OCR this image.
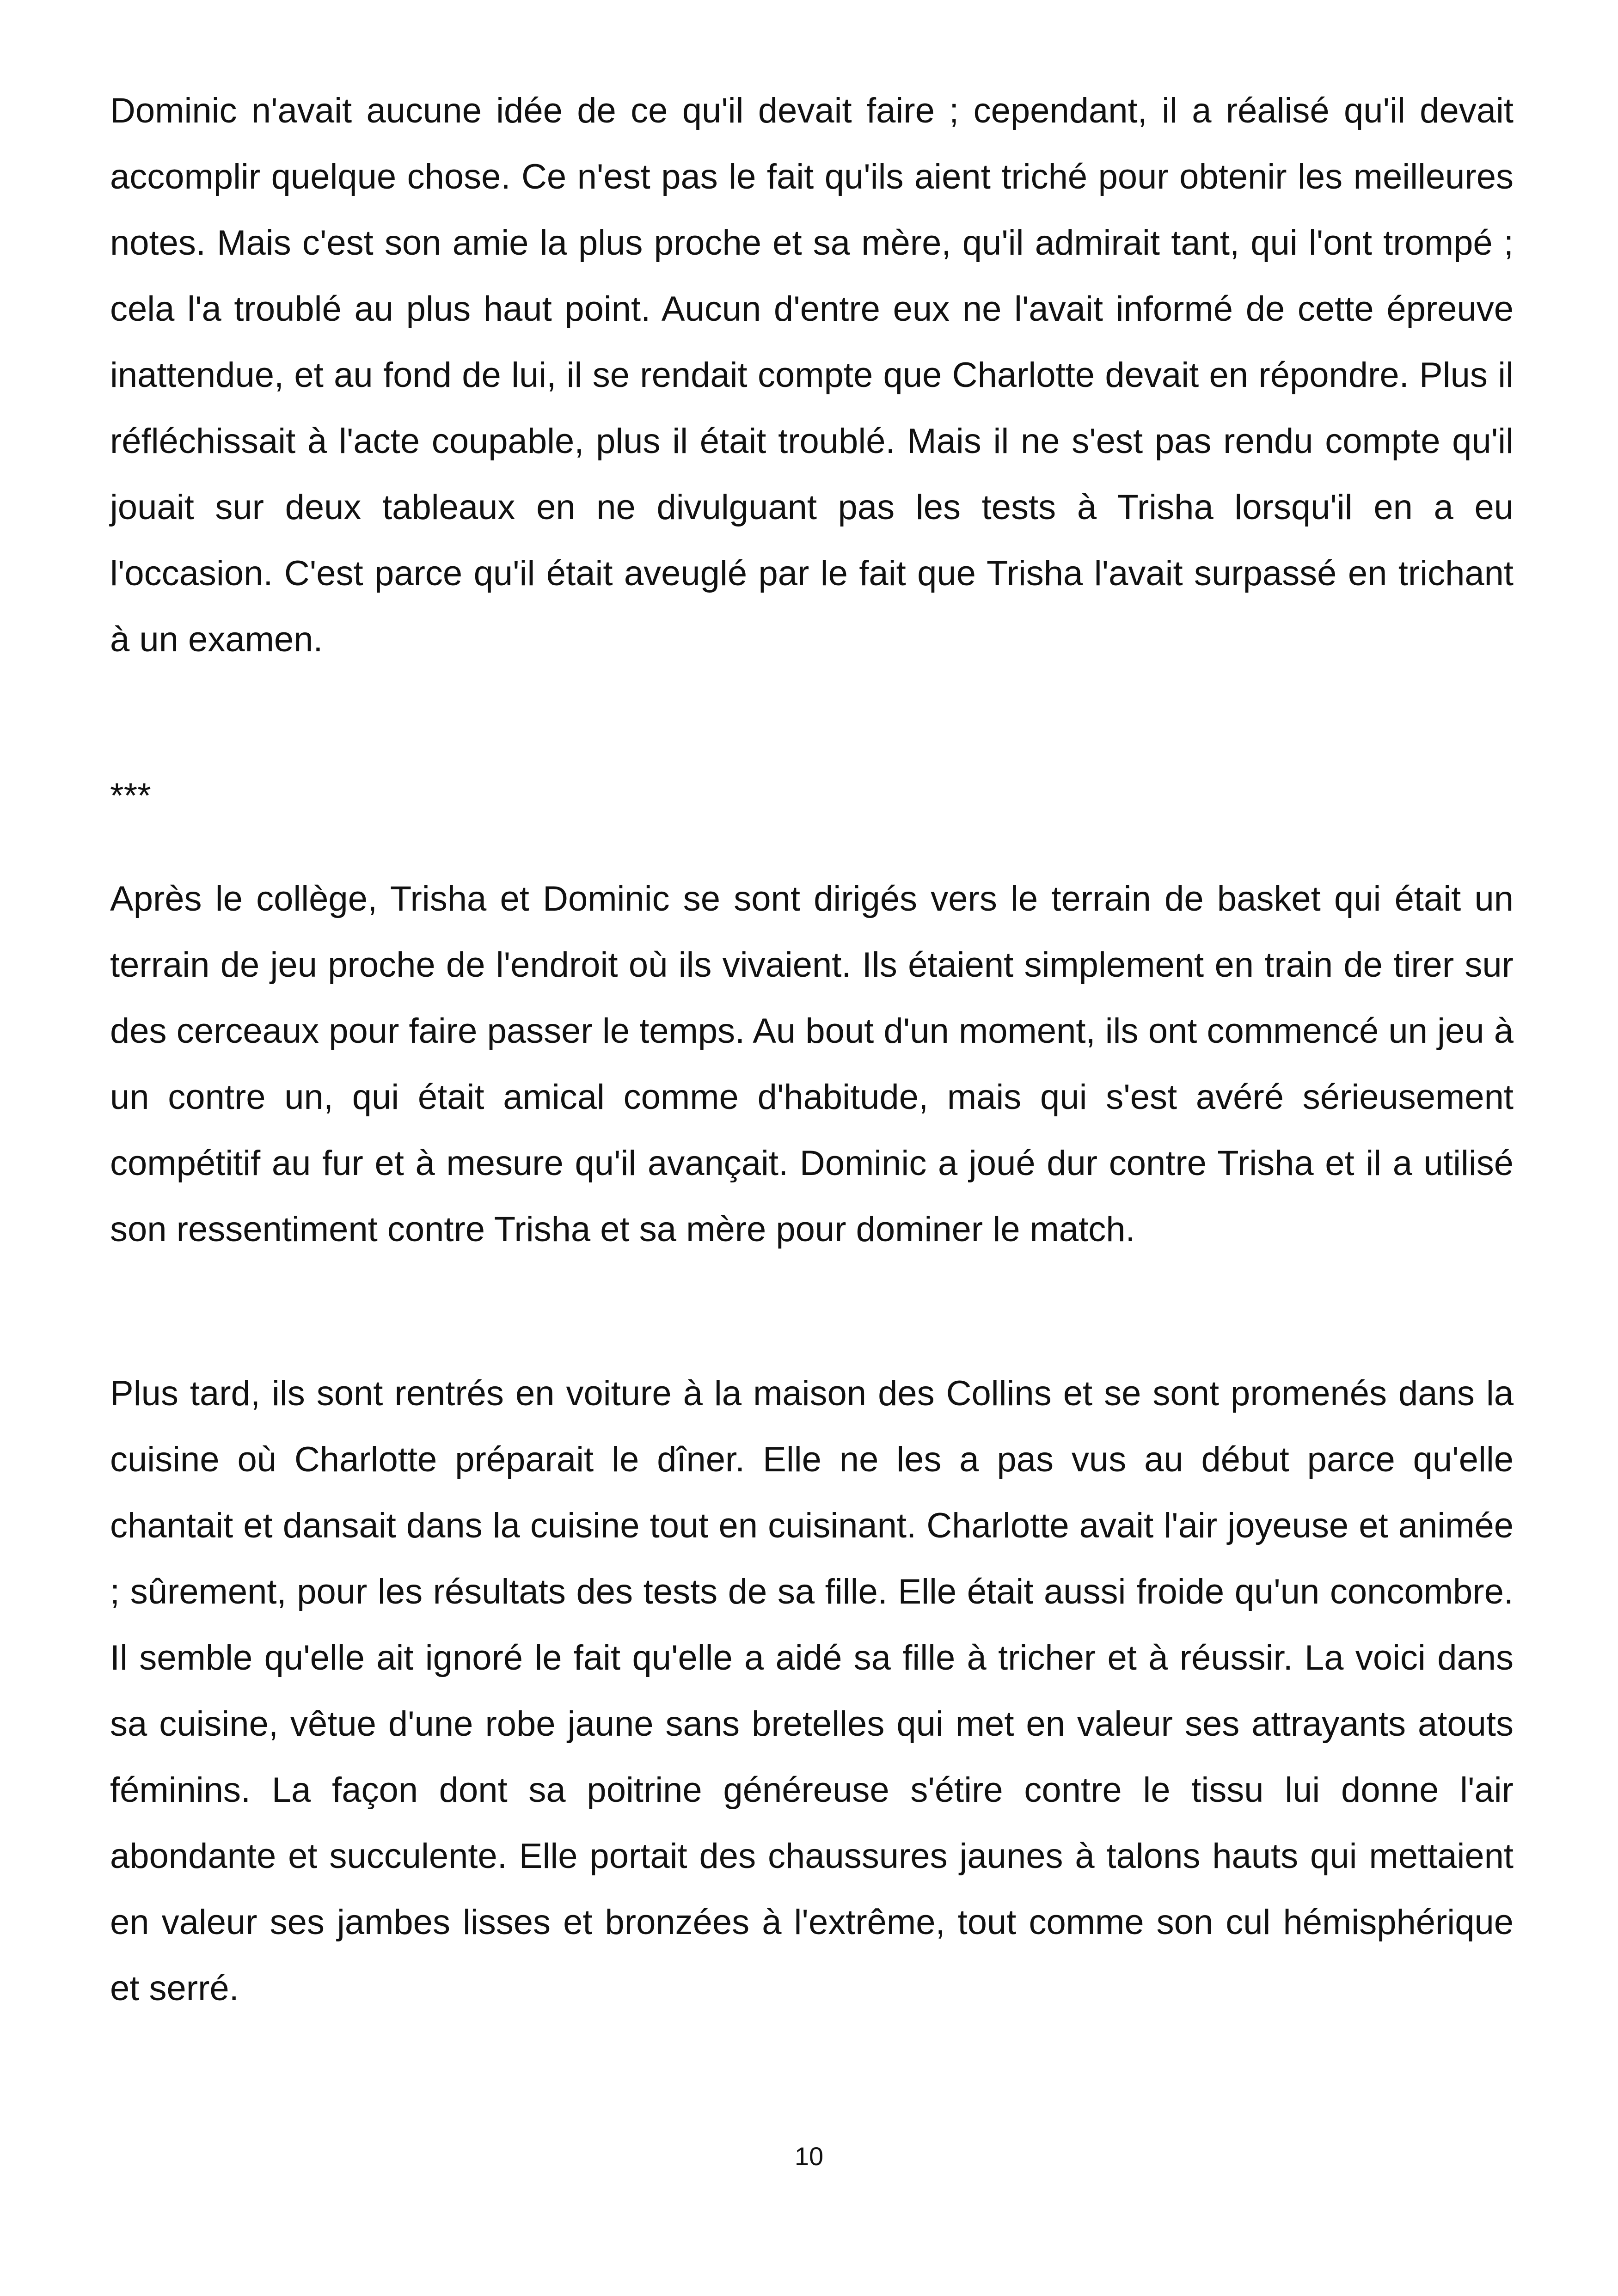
Dominic n'avait aucune idée de ce qu'il devait faire ; cependant, il a réalisé qu'il devait accomplir quelque chose. Ce n'est pas le fait qu'ils aient triché pour obtenir les meilleures notes. Mais c'est son amie la plus proche et sa mère, qu'il admirait tant, qui l'ont trompé ; cela l'a troublé au plus haut point. Aucun d'entre eux ne l'avait informé de cette épreuve inattendue, et au fond de lui, il se rendait compte que Charlotte devait en répondre. Plus il réfléchissait à l'acte coupable, plus il était troublé. Mais il ne s'est pas rendu compte qu'il jouait sur deux tableaux en ne divulguant pas les tests à Trisha lorsqu'il en a eu l'occasion. C'est parce qu'il était aveuglé par le fait que Trisha l'avait surpassé en trichant à un examen.

***

Après le collège, Trisha et Dominic se sont dirigés vers le terrain de basket qui était un terrain de jeu proche de l'endroit où ils vivaient. Ils étaient simplement en train de tirer sur des cerceaux pour faire passer le temps. Au bout d'un moment, ils ont commencé un jeu à un contre un, qui était amical comme d'habitude, mais qui s'est avéré sérieusement compétitif au fur et à mesure qu'il avançait. Dominic a joué dur contre Trisha et il a utilisé son ressentiment contre Trisha et sa mère pour dominer le match.

Plus tard, ils sont rentrés en voiture à la maison des Collins et se sont promenés dans la cuisine où Charlotte préparait le dîner. Elle ne les a pas vus au début parce qu'elle chantait et dansait dans la cuisine tout en cuisinant. Charlotte avait l'air joyeuse et animée ; sûrement, pour les résultats des tests de sa fille. Elle était aussi froide qu'un concombre. Il semble qu'elle ait ignoré le fait qu'elle a aidé sa fille à tricher et à réussir. La voici dans sa cuisine, vêtue d'une robe jaune sans bretelles qui met en valeur ses attrayants atouts féminins. La façon dont sa poitrine généreuse s'étire contre le tissu lui donne l'air abondante et succulente. Elle portait des chaussures jaunes à talons hauts qui mettaient en valeur ses jambes lisses et bronzées à l'extrême, tout comme son cul hémisphérique et serré.

10
